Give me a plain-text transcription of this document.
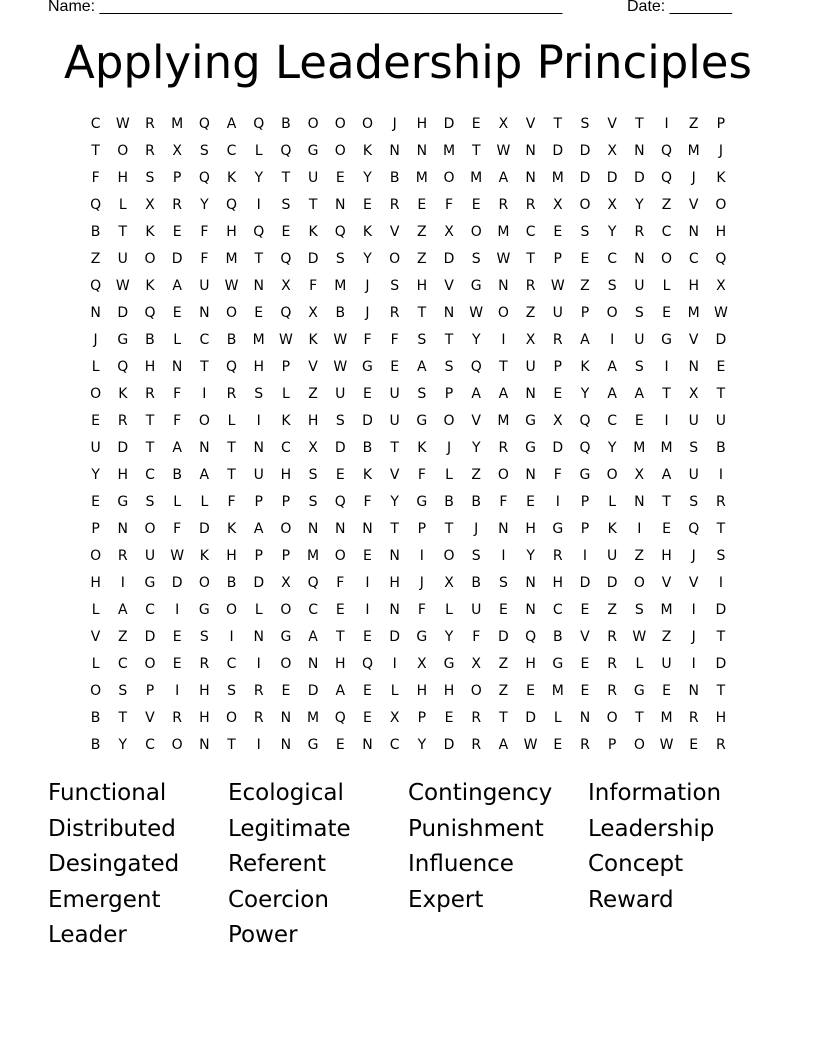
Name: ____________________________________________________	Date: _______
Applying Leadership Principles
C	W	R	M	Q	A	Q	B	O	O	O	J	H	D	E	X	V	T	S	V	T	I	Z	P
T	O	R	X	S	C	L	Q	G	O	K	N	N	M	T	W	N	D	D	X	N	Q	M	J
F	H	S	P	Q	K	Y	T	U	E	Y	B	M	O	M	A	N	M	D	D	D	Q	J	K
Q	L	X	R	Y	Q	I	S	T	N	E	R	E	F	E	R	R	X	O	X	Y	Z	V	O
B	T	K	E	F	H	Q	E	K	Q	K	V	Z	X	O	M	C	E	S	Y	R	C	N	H
Z	U	O	D	F	M	T	Q	D	S	Y	O	Z	D	S	W	T	P	E	C	N	O	C	Q
Q	W	K	A	U	W	N	X	F	M	J	S	H	V	G	N	R	W	Z	S	U	L	H	X
N	D	Q	E	N	O	E	Q	X	B	J	R	T	N	W	O	Z	U	P	O	S	E	M	W
J	G	B	L	C	B	M	W	K	W	F	F	S	T	Y	I	X	R	A	I	U	G	V	D
L	Q	H	N	T	Q	H	P	V	W	G	E	A	S	Q	T	U	P	K	A	S	I	N	E
O	K	R	F	I	R	S	L	Z	U	E	U	S	P	A	A	N	E	Y	A	A	T	X	T
E	R	T	F	O	L	I	K	H	S	D	U	G	O	V	M	G	X	Q	C	E	I	U	U
U	D	T	A	N	T	N	C	X	D	B	T	K	J	Y	R	G	D	Q	Y	M	M	S	B
Y	H	C	B	A	T	U	H	S	E	K	V	F	L	Z	O	N	F	G	O	X	A	U	I
E	G	S	L	L	F	P	P	S	Q	F	Y	G	B	B	F	E	I	P	L	N	T	S	R
P	N	O	F	D	K	A	O	N	N	N	T	P	T	J	N	H	G	P	K	I	E	Q	T
O	R	U	W	K	H	P	P	M	O	E	N	I	O	S	I	Y	R	I	U	Z	H	J	S
H	I	G	D	O	B	D	X	Q	F	I	H	J	X	B	S	N	H	D	D	O	V	V	I
L	A	C	I	G	O	L	O	C	E	I	N	F	L	U	E	N	C	E	Z	S	M	I	D
V	Z	D	E	S	I	N	G	A	T	E	D	G	Y	F	D	Q	B	V	R	W	Z	J	T
L	C	O	E	R	C	I	O	N	H	Q	I	X	G	X	Z	H	G	E	R	L	U	I	D
O	S	P	I	H	S	R	E	D	A	E	L	H	H	O	Z	E	M	E	R	G	E	N	T
B	T	V	R	H	O	R	N	M	Q	E	X	P	E	R	T	D	L	N	O	T	M	R	H
B	Y	C	O	N	T	I	N	G	E	N	C	Y	D	R	A	W	E	R	P	O	W	E	R
Functional	Ecological	Contingency	Information
Distributed	Legitimate	Punishment	Leadership
Desingated	Referent	Influence	Concept
Emergent	Coercion	Expert	Reward
Leader	Power
